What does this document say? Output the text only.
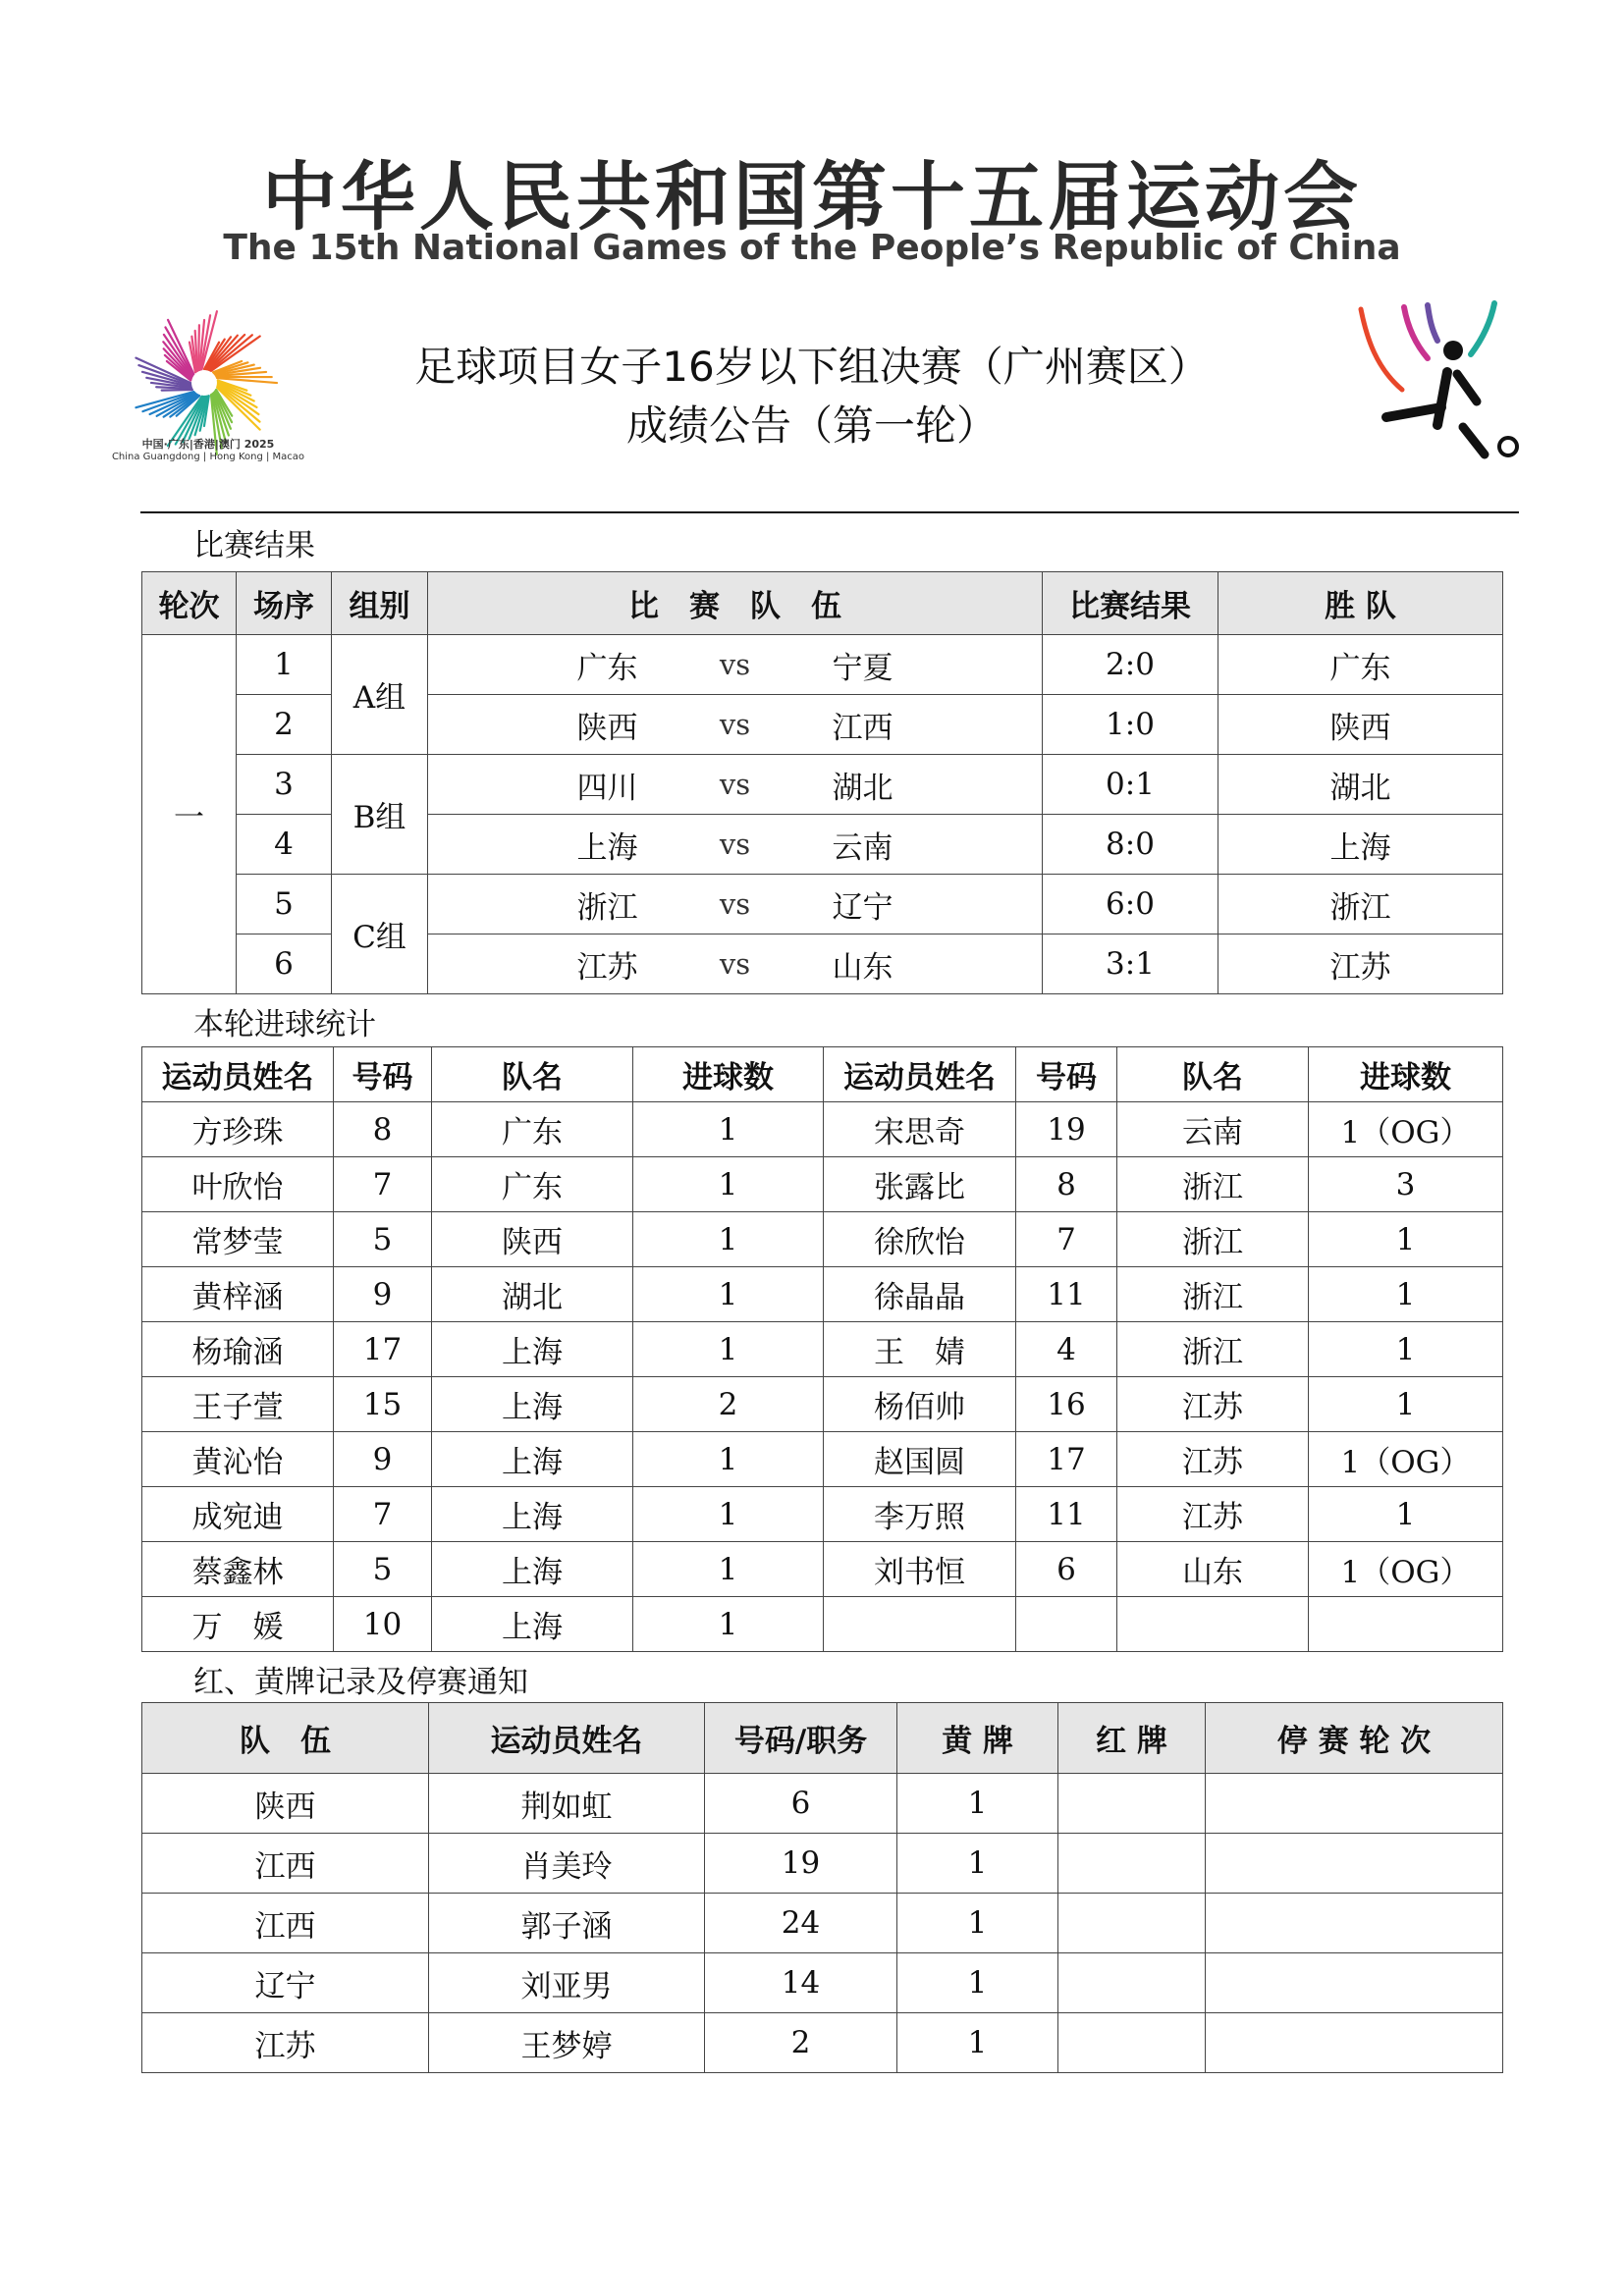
中华人民共和国第十五届运动会
The 15th National Games of the People’s Republic of China
中国·广东|香港|澳门 2025
China Guangdong | Hong Kong | Macao
足球项目女子16岁以下组决赛（广州赛区）
成绩公告（第一轮）
比赛结果
轮次	场序	组别	比　赛　队　伍	比赛结果	胜 队
一	1	A组	广东 vs 宁夏	2:0	广东
	2		陕西 vs 江西	1:0	陕西
	3	B组	四川 vs 湖北	0:1	湖北
	4		上海 vs 云南	8:0	上海
	5	C组	浙江 vs 辽宁	6:0	浙江
	6		江苏 vs 山东	3:1	江苏
本轮进球统计
运动员姓名	号码	队名	进球数	运动员姓名	号码	队名	进球数
方珍珠	8	广东	1	宋思奇	19	云南	1（OG）
叶欣怡	7	广东	1	张露比	8	浙江	3
常梦莹	5	陕西	1	徐欣怡	7	浙江	1
黄梓涵	9	湖北	1	徐晶晶	11	浙江	1
杨瑜涵	17	上海	1	王　婧	4	浙江	1
王子萱	15	上海	2	杨佰帅	16	江苏	1
黄沁怡	9	上海	1	赵国圆	17	江苏	1（OG）
成宛迪	7	上海	1	李万照	11	江苏	1
蔡鑫林	5	上海	1	刘书恒	6	山东	1（OG）
万　媛	10	上海	1				
红、黄牌记录及停赛通知
队　伍	运动员姓名	号码/职务	黄 牌	红 牌	停 赛 轮 次
陕西	荆如虹	6	1		
江西	肖美玲	19	1		
江西	郭子涵	24	1		
辽宁	刘亚男	14	1		
江苏	王梦婷	2	1		
